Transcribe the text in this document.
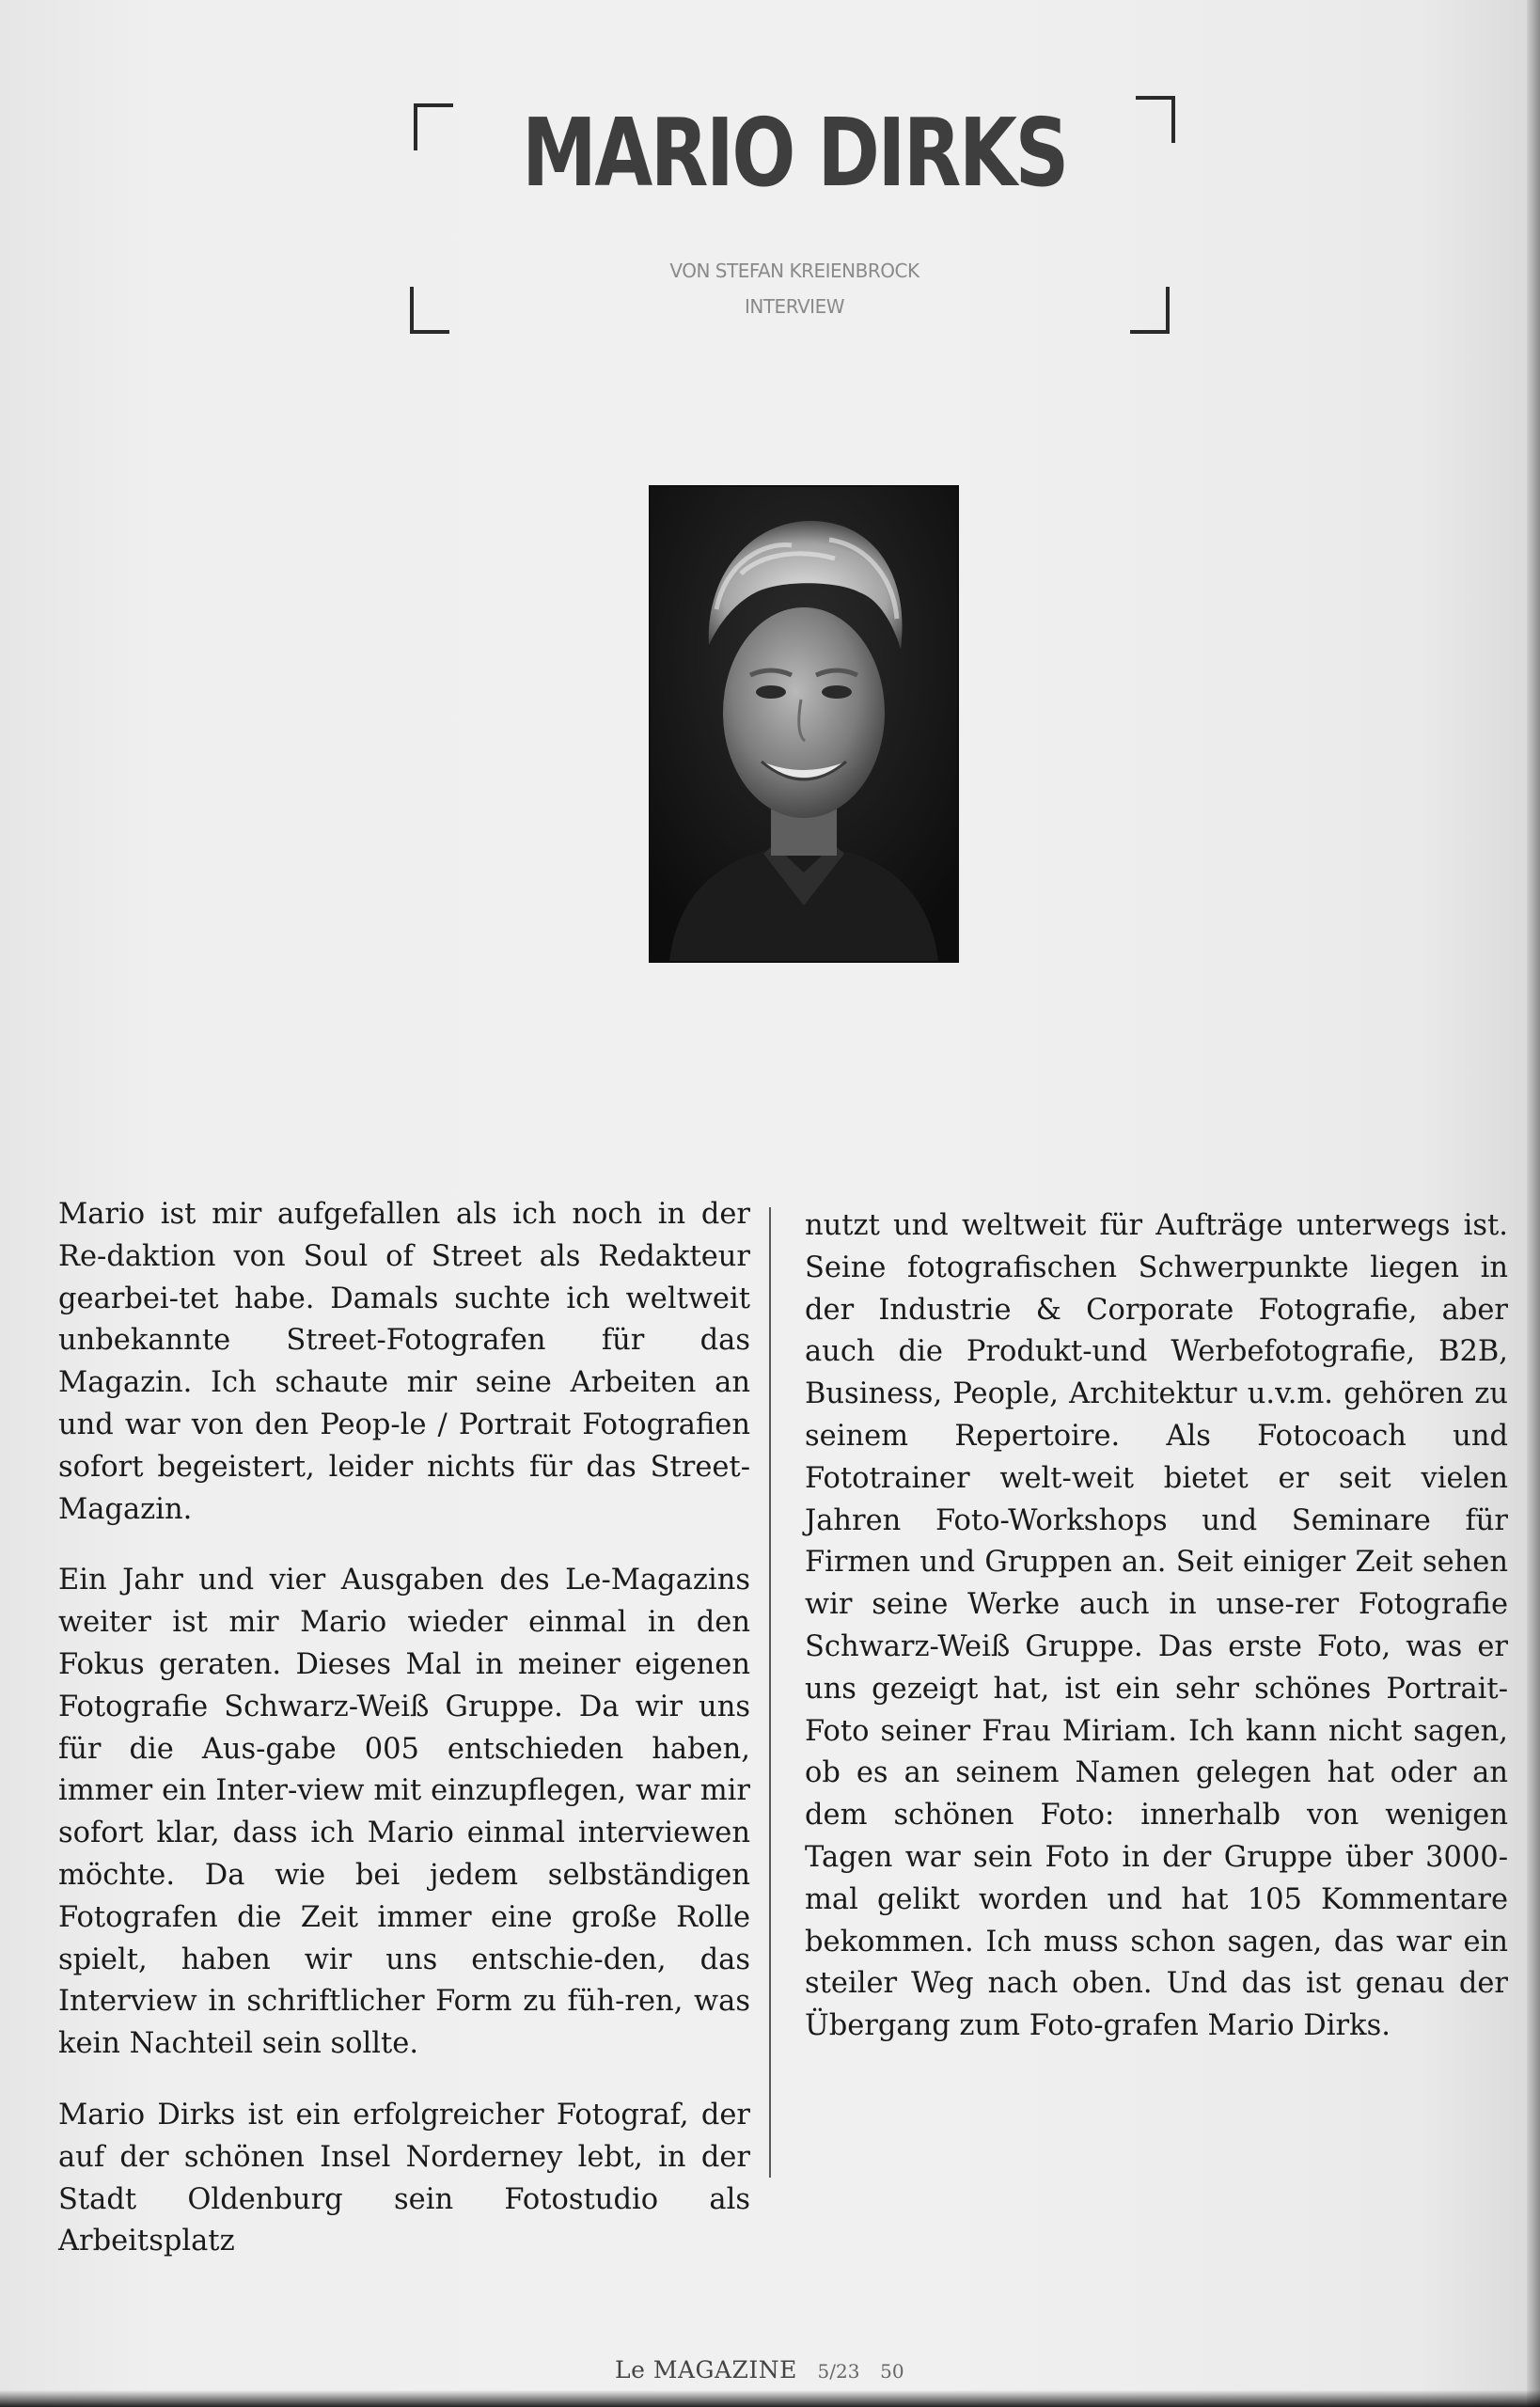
MARIO DIRKS
VON STEFAN KREIENBROCK
INTERVIEW

Mario ist mir aufgefallen als ich noch in der Re-daktion von Soul of Street als Redakteur gearbei-tet habe. Damals suchte ich weltweit unbekannte Street-Fotografen für das Magazin. Ich schaute mir seine Arbeiten an und war von den Peop-le / Portrait Fotografien sofort begeistert, leider nichts für das Street-Magazin.

Ein Jahr und vier Ausgaben des Le-Magazins weiter ist mir Mario wieder einmal in den Fokus geraten. Dieses Mal in meiner eigenen Fotografie Schwarz-Weiß Gruppe. Da wir uns für die Aus-gabe 005 entschieden haben, immer ein Inter-view mit einzupflegen, war mir sofort klar, dass ich Mario einmal interviewen möchte. Da wie bei jedem selbständigen Fotografen die Zeit immer eine große Rolle spielt, haben wir uns entschie-den, das Interview in schriftlicher Form zu füh-ren, was kein Nachteil sein sollte.

Mario Dirks ist ein erfolgreicher Fotograf, der auf der schönen Insel Norderney lebt, in der Stadt Oldenburg sein Fotostudio als Arbeitsplatz

nutzt und weltweit für Aufträge unterwegs ist. Seine fotografischen Schwerpunkte liegen in der Industrie & Corporate Fotografie, aber auch die Produkt-und Werbefotografie, B2B, Business, People, Architektur u.v.m. gehören zu seinem Repertoire. Als Fotocoach und Fototrainer welt-weit bietet er seit vielen Jahren Foto-Workshops und Seminare für Firmen und Gruppen an. Seit einiger Zeit sehen wir seine Werke auch in unse-rer Fotografie Schwarz-Weiß Gruppe. Das erste Foto, was er uns gezeigt hat, ist ein sehr schönes Portrait-Foto seiner Frau Miriam. Ich kann nicht sagen, ob es an seinem Namen gelegen hat oder an dem schönen Foto: innerhalb von wenigen Tagen war sein Foto in der Gruppe über 3000-mal gelikt worden und hat 105 Kommentare bekommen. Ich muss schon sagen, das war ein steiler Weg nach oben. Und das ist genau der Übergang zum Foto-grafen Mario Dirks.

Le MAGAZINE 5/23 50
